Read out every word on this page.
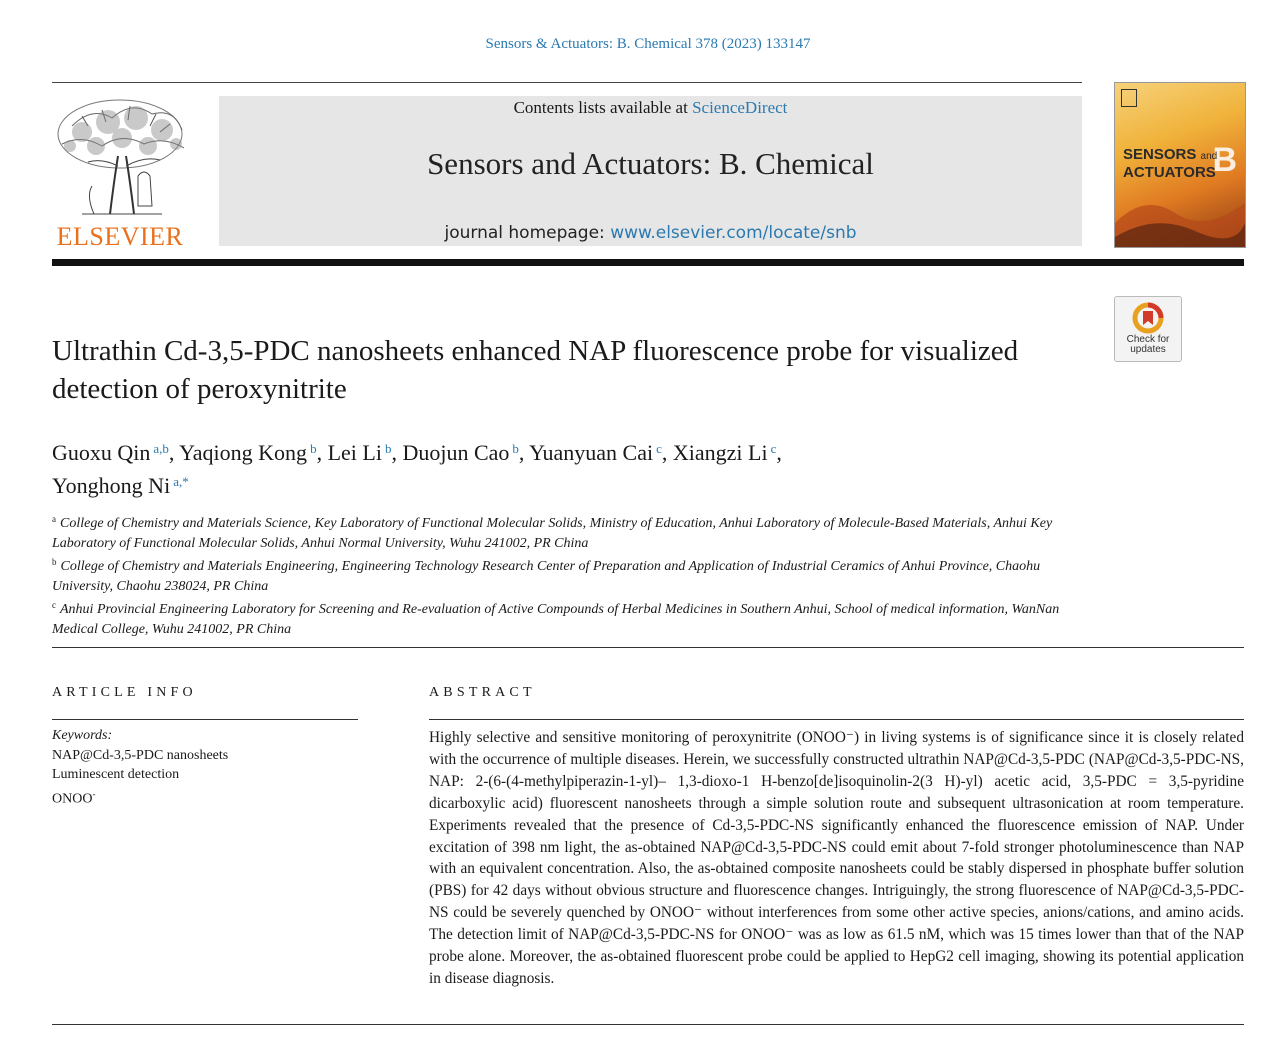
Sensors & Actuators: B. Chemical 378 (2023) 133147
ELSEVIER
Contents lists available at ScienceDirect
Sensors and Actuators: B. Chemical
journal homepage: www.elsevier.com/locate/snb
B
SENSORS and
ACTUATORS
Check for
updates
Ultrathin Cd-3,5-PDC nanosheets enhanced NAP fluorescence probe for visualized detection of peroxynitrite
Guoxu Qin $^{a,b}$, Yaqiong Kong $^b$, Lei Li $^b$, Duojun Cao $^b$, Yuanyuan Cai $^c$, Xiangzi Li $^c$,
Yonghong Ni $^{a,*}$
$^a$ College of Chemistry and Materials Science, Key Laboratory of Functional Molecular Solids, Ministry of Education, Anhui Laboratory of Molecule-Based Materials, Anhui Key Laboratory of Functional Molecular Solids, Anhui Normal University, Wuhu 241002, PR China
$^b$ College of Chemistry and Materials Engineering, Engineering Technology Research Center of Preparation and Application of Industrial Ceramics of Anhui Province, Chaohu University, Chaohu 238024, PR China
$^c$ Anhui Provincial Engineering Laboratory for Screening and Re-evaluation of Active Compounds of Herbal Medicines in Southern Anhui, School of medical information, WanNan Medical College, Wuhu 241002, PR China
ARTICLE INFO
Keywords:
NAP@Cd-3,5-PDC nanosheets
Luminescent detection
ONOO-
ABSTRACT
Highly selective and sensitive monitoring of peroxynitrite (ONOO⁻) in living systems is of significance since it is closely related with the occurrence of multiple diseases. Herein, we successfully constructed ultrathin NAP@Cd-3,5-PDC (NAP@Cd-3,5-PDC-NS, NAP: 2-(6-(4-methylpiperazin-1-yl)– 1,3-dioxo-1 H-benzo[de]isoquinolin-2(3 H)-yl) acetic acid, 3,5-PDC = 3,5-pyridine dicarboxylic acid) fluorescent nanosheets through a simple solution route and subsequent ultrasonication at room temperature. Experiments revealed that the presence of Cd-3,5-PDC-NS significantly enhanced the fluorescence emission of NAP. Under excitation of 398 nm light, the as-obtained NAP@Cd-3,5-PDC-NS could emit about 7-fold stronger photoluminescence than NAP with an equivalent concentration. Also, the as-obtained composite nanosheets could be stably dispersed in phosphate buffer solution (PBS) for 42 days without obvious structure and fluorescence changes. Intriguingly, the strong fluorescence of NAP@Cd-3,5-PDC-NS could be severely quenched by ONOO⁻ without interferences from some other active species, anions/cations, and amino acids. The detection limit of NAP@Cd-3,5-PDC-NS for ONOO⁻ was as low as 61.5 nM, which was 15 times lower than that of the NAP probe alone. Moreover, the as-obtained fluorescent probe could be applied to HepG2 cell imaging, showing its potential application in disease diagnosis.
